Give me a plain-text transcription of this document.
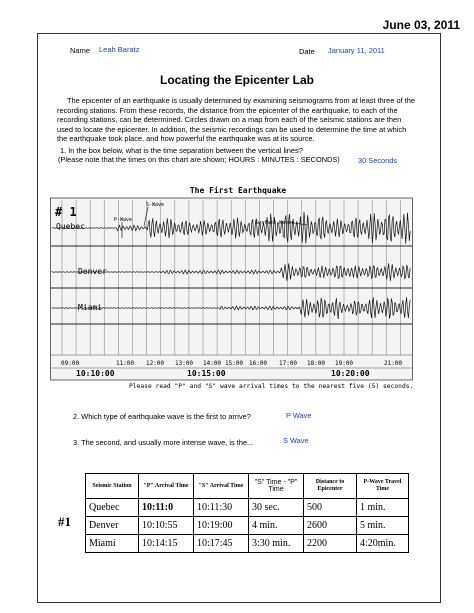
June 03, 2011
Name Leah Baratz	Date January 11, 2011
Locating the Epicenter Lab
The epicenter of an earthquake is usually determined by examining seismograms from at least three of the recording stations. From these records, the distance from the epicenter of the earthquake, to each of the recording stations, can be determined. Circles drawn on a map from each of the seismic stations are then used to locate the epicenter. In addition, the seismic recordings can be used to determine the time at which the earthquake took place, and how powerful the earthquake was at its source.
1. In the box below, what is the time separation between the vertical lines?
(Please note that the times on this chart are shown; HOURS : MINUTES : SECONDS) 30 Seconds
The First Earthquake
# 1	S-Wave
P-Wave	Surface Waves
Quebec
Denver
Miami
09:00	11:00 12:00 13:00 14:00 15:00 16:00 17:00 18:00 19:00	21:00
10:10:00	10:15:00	10:20:00
Please read "P" and "S" wave arrival times to the nearest five (5) seconds.
2. Which type of earthquake wave is the first to arrive?	P Wave
3. The second, and usually more intense wave, is the...	S Wave
#1
Seismic Station	"P" Arrival Time	"S" Arrival Time	"S" Time - "P" Time	Distance to Epicenter	P-Wave Travel Time
Quebec	10:11:0	10:11:30	30 sec.	500	1 min.
Denver	10:10:55	10:19:00	4 min.	2600	5 min.
Miami	10:14:15	10:17:45	3:30 min.	2200	4:20min.
